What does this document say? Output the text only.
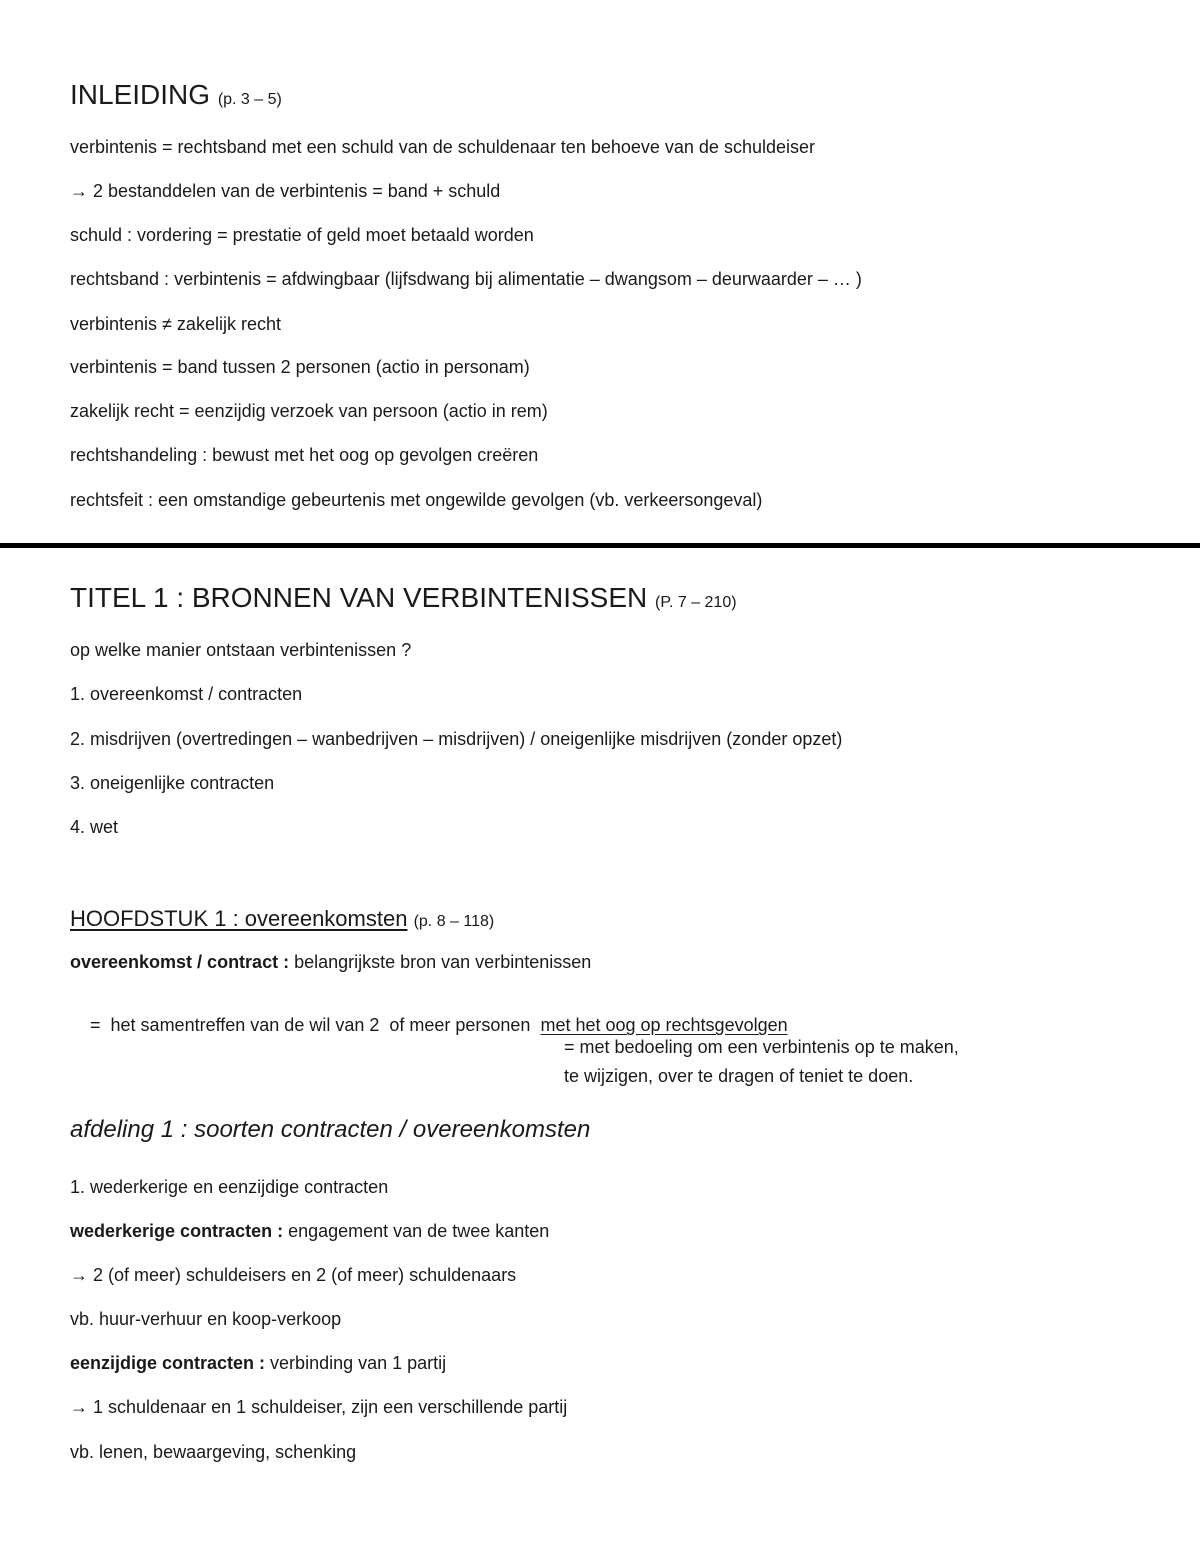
INLEIDING (p. 3 – 5)
verbintenis = rechtsband met een schuld van de schuldenaar ten behoeve van de schuldeiser
→ 2 bestanddelen van de verbintenis = band + schuld
schuld : vordering = prestatie of geld moet betaald worden
rechtsband : verbintenis = afdwingbaar (lijfsdwang bij alimentatie – dwangsom – deurwaarder – … )
verbintenis ≠ zakelijk recht
verbintenis = band tussen 2 personen (actio in personam)
zakelijk recht = eenzijdig verzoek van persoon (actio in rem)
rechtshandeling : bewust met het oog op gevolgen creëren
rechtsfeit : een omstandige gebeurtenis met ongewilde gevolgen (vb. verkeersongeval)
TITEL 1 : BRONNEN VAN VERBINTENISSEN (P. 7 – 210)
op welke manier ontstaan verbintenissen ?
1. overeenkomst / contracten
2. misdrijven (overtredingen – wanbedrijven – misdrijven) / oneigenlijke misdrijven (zonder opzet)
3. oneigenlijke contracten
4. wet
HOOFDSTUK 1 : overeenkomsten (p. 8 – 118)
overeenkomst / contract : belangrijkste bron van verbintenissen

=  het samentreffen van de wil van 2  of meer personen  met het oog op rechtsgevolgen

= met bedoeling om een verbintenis op te maken,
te wijzigen, over te dragen of teniet te doen.
afdeling 1 : soorten contracten / overeenkomsten
1. wederkerige en eenzijdige contracten
wederkerige contracten : engagement van de twee kanten
→ 2 (of meer) schuldeisers en 2 (of meer) schuldenaars
vb. huur-verhuur en koop-verkoop
eenzijdige contracten : verbinding van 1 partij
→ 1 schuldenaar en 1 schuldeiser, zijn een verschillende partij
vb. lenen, bewaargeving, schenking
